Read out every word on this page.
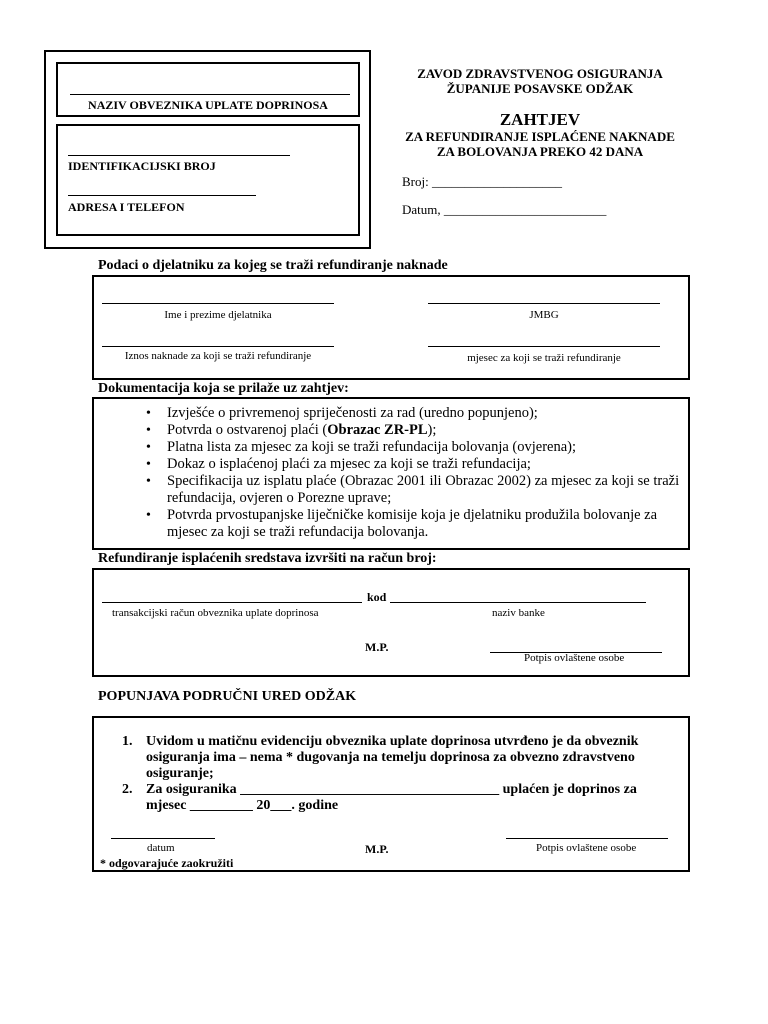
NAZIV OBVEZNIKA UPLATE DOPRINOSA
IDENTIFIKACIJSKI BROJ
ADRESA I TELEFON
ZAVOD ZDRAVSTVENOG OSIGURANJA
ŽUPANIJE POSAVSKE ODŽAK
ZAHTJEV
ZA REFUNDIRANJE ISPLAĆENE NAKNADE
ZA BOLOVANJA PREKO 42 DANA
Broj: ____________________
Datum, _________________________
Podaci o djelatniku za kojeg se traži refundiranje naknade
Ime i prezime djelatnika	JMBG
Iznos naknade za koji se traži refundiranje	mjesec za koji se traži refundiranje
Dokumentacija koja se prilaže uz zahtjev:
• Izvješće o privremenoj spriječenosti za rad (uredno popunjeno);
• Potvrda o ostvarenoj plaći (Obrazac ZR-PL);
• Platna lista za mjesec za koji se traži refundacija bolovanja (ovjerena);
• Dokaz o isplaćenoj plaći za mjesec za koji se traži refundacija;
• Specifikacija uz isplatu plaće (Obrazac 2001 ili Obrazac 2002) za mjesec za koji se traži refundacija, ovjeren o Porezne uprave;
• Potvrda prvostupanjske liječničke komisije koja je djelatniku produžila bolovanje za mjesec za koji se traži refundacija bolovanja.
Refundiranje isplaćenih sredstava izvršiti na račun broj:
kod
transakcijski račun obveznika uplate doprinosa	naziv banke
M.P.
Potpis ovlaštene osobe
POPUNJAVA PODRUČNI URED ODŽAK
1. Uvidom u matičnu evidenciju obveznika uplate doprinosa utvrđeno je da obveznik osiguranja ima – nema * dugovanja na temelju doprinosa za obvezno zdravstveno osiguranje;
2. Za osiguranika _____________________________________ uplaćen je doprinos za mjesec _________ 20___. godine
datum	M.P.	Potpis ovlaštene osobe
* odgovarajuće zaokružiti
